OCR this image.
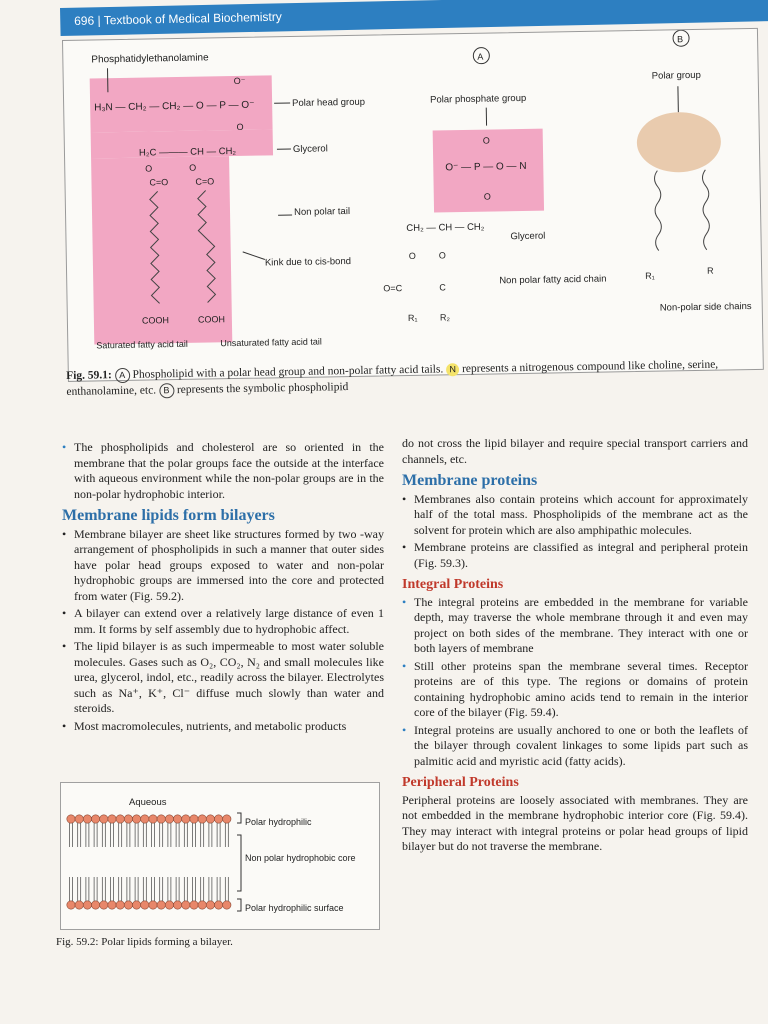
696 | Textbook of Medical Biochemistry
Phosphatidylethanolamine
O⁻
H₃N — CH₂ — CH₂ — O — P — O⁻
O
Polar head group
H₂C ——— CH — CH₂	Glycerol
O	O
C=O	C=O
Non polar tail
Kink due to cis-bond
COOH	COOH
Saturated fatty acid tail	Unsaturated fatty acid tail
A
Polar phosphate group
O
O⁻ — P — O — N
O
CH₂ — CH — CH₂
Glycerol
O	O
O=C	C
R₁ R₂
Non polar fatty acid chain
B
Polar group
R₁	R
Non-polar side chains
Fig. 59.1: A Phospholipid with a polar head group and non-polar fatty acid tails. N represents a nitrogenous compound like choline, serine, enthanolamine, etc. B represents the symbolic phospholipid
• The phospholipids and cholesterol are so oriented in the membrane that the polar groups face the outside at the interface with aqueous environment while the non-polar groups are in the non-polar hydrophobic interior.
Membrane lipids form bilayers
• Membrane bilayer are sheet like structures formed by two -way arrangement of phospholipids in such a manner that outer sides have polar head groups exposed to water and non-polar hydrophobic groups are immersed into the core and protected from water (Fig. 59.2).
• A bilayer can extend over a relatively large distance of even 1 mm. It forms by self assembly due to hydrophobic affect.
• The lipid bilayer is as such impermeable to most water soluble molecules. Gases such as O₂, CO₂, N₂ and small molecules like urea, glycerol, indol, etc., readily across the bilayer. Electrolytes such as Na⁺, K⁺, Cl⁻ diffuse much slowly than water and steroids.
• Most macromolecules, nutrients, and metabolic products
Aqueous
Polar hydrophilic
Non polar hydrophobic core
Polar hydrophilic surface
Fig. 59.2: Polar lipids forming a bilayer.
do not cross the lipid bilayer and require special transport carriers and channels, etc.
Membrane proteins
• Membranes also contain proteins which account for approximately half of the total mass. Phospholipids of the membrane act as the solvent for protein which are also amphipathic molecules.
• Membrane proteins are classified as integral and peripheral protein (Fig. 59.3).
Integral Proteins
• The integral proteins are embedded in the membrane for variable depth, may traverse the whole membrane through it and even may project on both sides of the membrane. They interact with one or both layers of membrane
• Still other proteins span the membrane several times. Receptor proteins are of this type. The regions or domains of protein containing hydrophobic amino acids tend to remain in the interior core of the bilayer (Fig. 59.4).
• Integral proteins are usually anchored to one or both the leaflets of the bilayer through covalent linkages to some lipids part such as palmitic acid and myristic acid (fatty acids).
Peripheral Proteins
Peripheral proteins are loosely associated with membranes. They are not embedded in the membrane hydrophobic interior core (Fig. 59.4). They may interact with integral proteins or polar head groups of lipid bilayer but do not traverse the membrane.
